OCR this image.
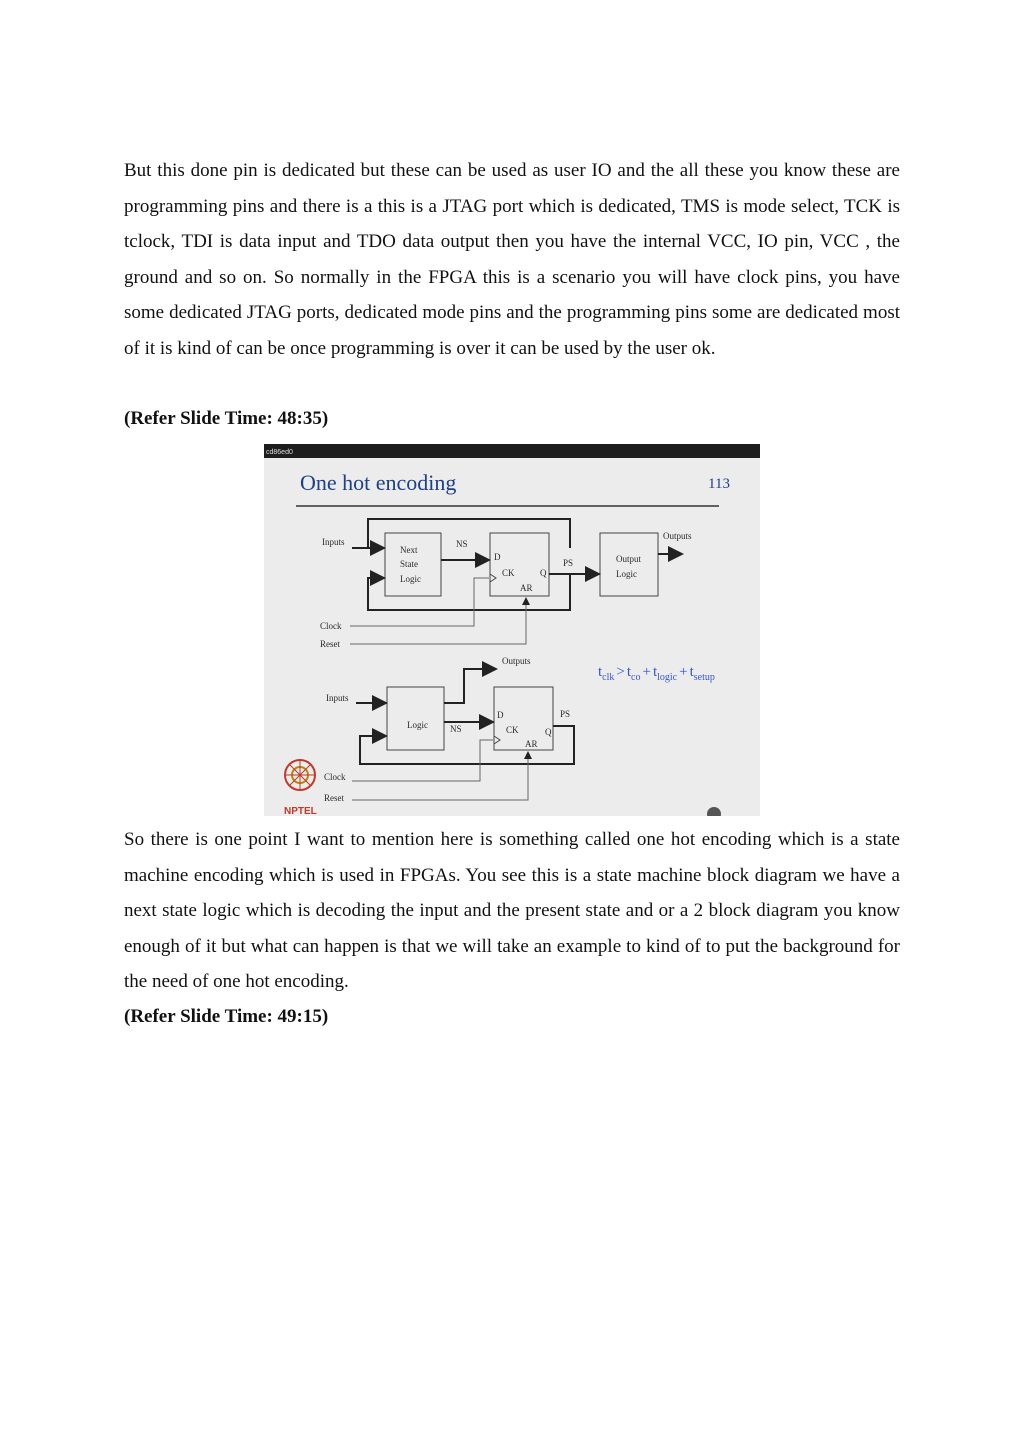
But this done pin is dedicated but these can be used as user IO and the all these you know these are programming pins and there is a this is a JTAG port which is dedicated, TMS is mode select, TCK is tclock, TDI is data input and TDO data output then you have the internal VCC, IO pin, VCC , the ground and so on. So normally in the FPGA this is a scenario you will have clock pins, you have some dedicated JTAG ports, dedicated mode pins and the programming pins some are dedicated most of it is kind of can be once programming is over it can be used by the user ok.

(Refer Slide Time: 48:35)

cd86ed0
One hot encoding	113
Inputs
Next
State
Logic
NS
D
CK	Q
AR
PS	Output
Logic
Outputs
Clock
Reset
Outputs
Inputs
Logic NS
D
CK	Q
AR
PS
Clock
Reset
$t_{clk} > t_{co} + t_{logic} + t_{setup}$
NPTEL

So there is one point I want to mention here is something called one hot encoding which is a state machine encoding which is used in FPGAs. You see this is a state machine block diagram we have a next state logic which is decoding the input and the present state and or a 2 block diagram you know enough of it but what can happen is that we will take an example to kind of to put the background for the need of one hot encoding.

(Refer Slide Time: 49:15)
